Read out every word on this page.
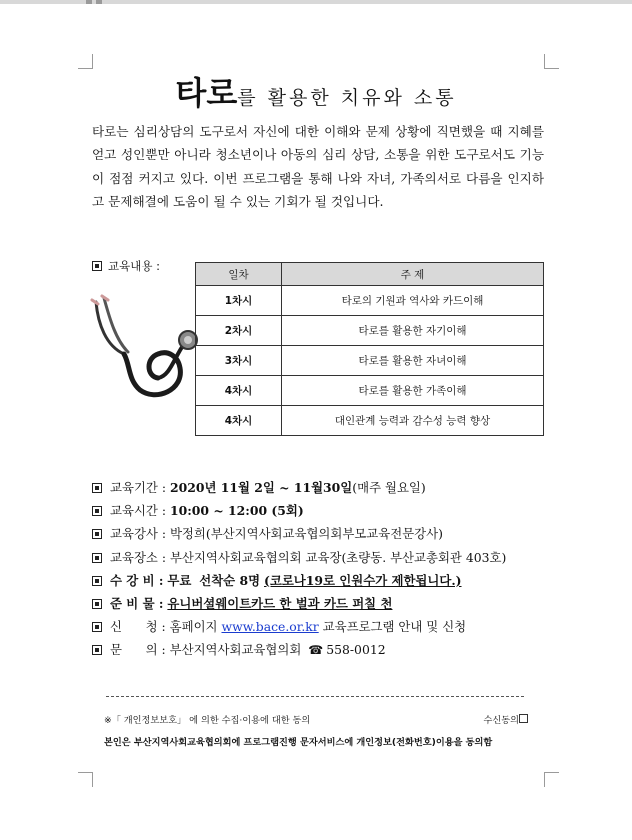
타로를 활용한 치유와 소통
타로는 심리상담의 도구로서 자신에 대한 이해와 문제 상황에 직면했을 때 지혜를 얻고 성인뿐만 아니라 청소년이나 아동의 심리 상담, 소통을 위한 도구로서도 기능이 점점 커지고 있다. 이번 프로그램을 통해 나와 자녀, 가족의서로 다름을 인지하고 문제해결에 도움이 될 수 있는 기회가 될 것입니다.
교육내용 :
일차	주 제
1차시	타로의 기원과 역사와 카드이해
2차시	타로를 활용한 자기이해
3차시	타로를 활용한 자녀이해
4차시	타로를 활용한 가족이해
4차시	대인관계 능력과 감수성 능력 향상
교육기간 : 2020년 11월 2일 ~ 11월30일(매주 월요일)
교육시간 : 10:00 ~ 12:00 (5회)
교육강사 : 박정희(부산지역사회교육협의회부모교육전문강사)
교육장소 : 부산지역사회교육협의회 교육장(초량동. 부산교총회관 403호)
수 강 비 : 무료 선착순 8명 (코로나19로 인원수가 제한됩니다.)
준 비 물 : 유니버셜웨이트카드 한 벌과 카드 퍼칠 천
신      청 : 홈페이지 www.bace.or.kr 교육프로그램 안내 및 신청
문      의 : 부산지역사회교육협의회 ☎ 558-0012
※「 개인정보보호」 에 의한 수집·이용에 대한 동의	수신동의
본인은 부산지역사회교육협의회에 프로그램진행 문자서비스에 개인정보(전화번호)이용을 동의함
